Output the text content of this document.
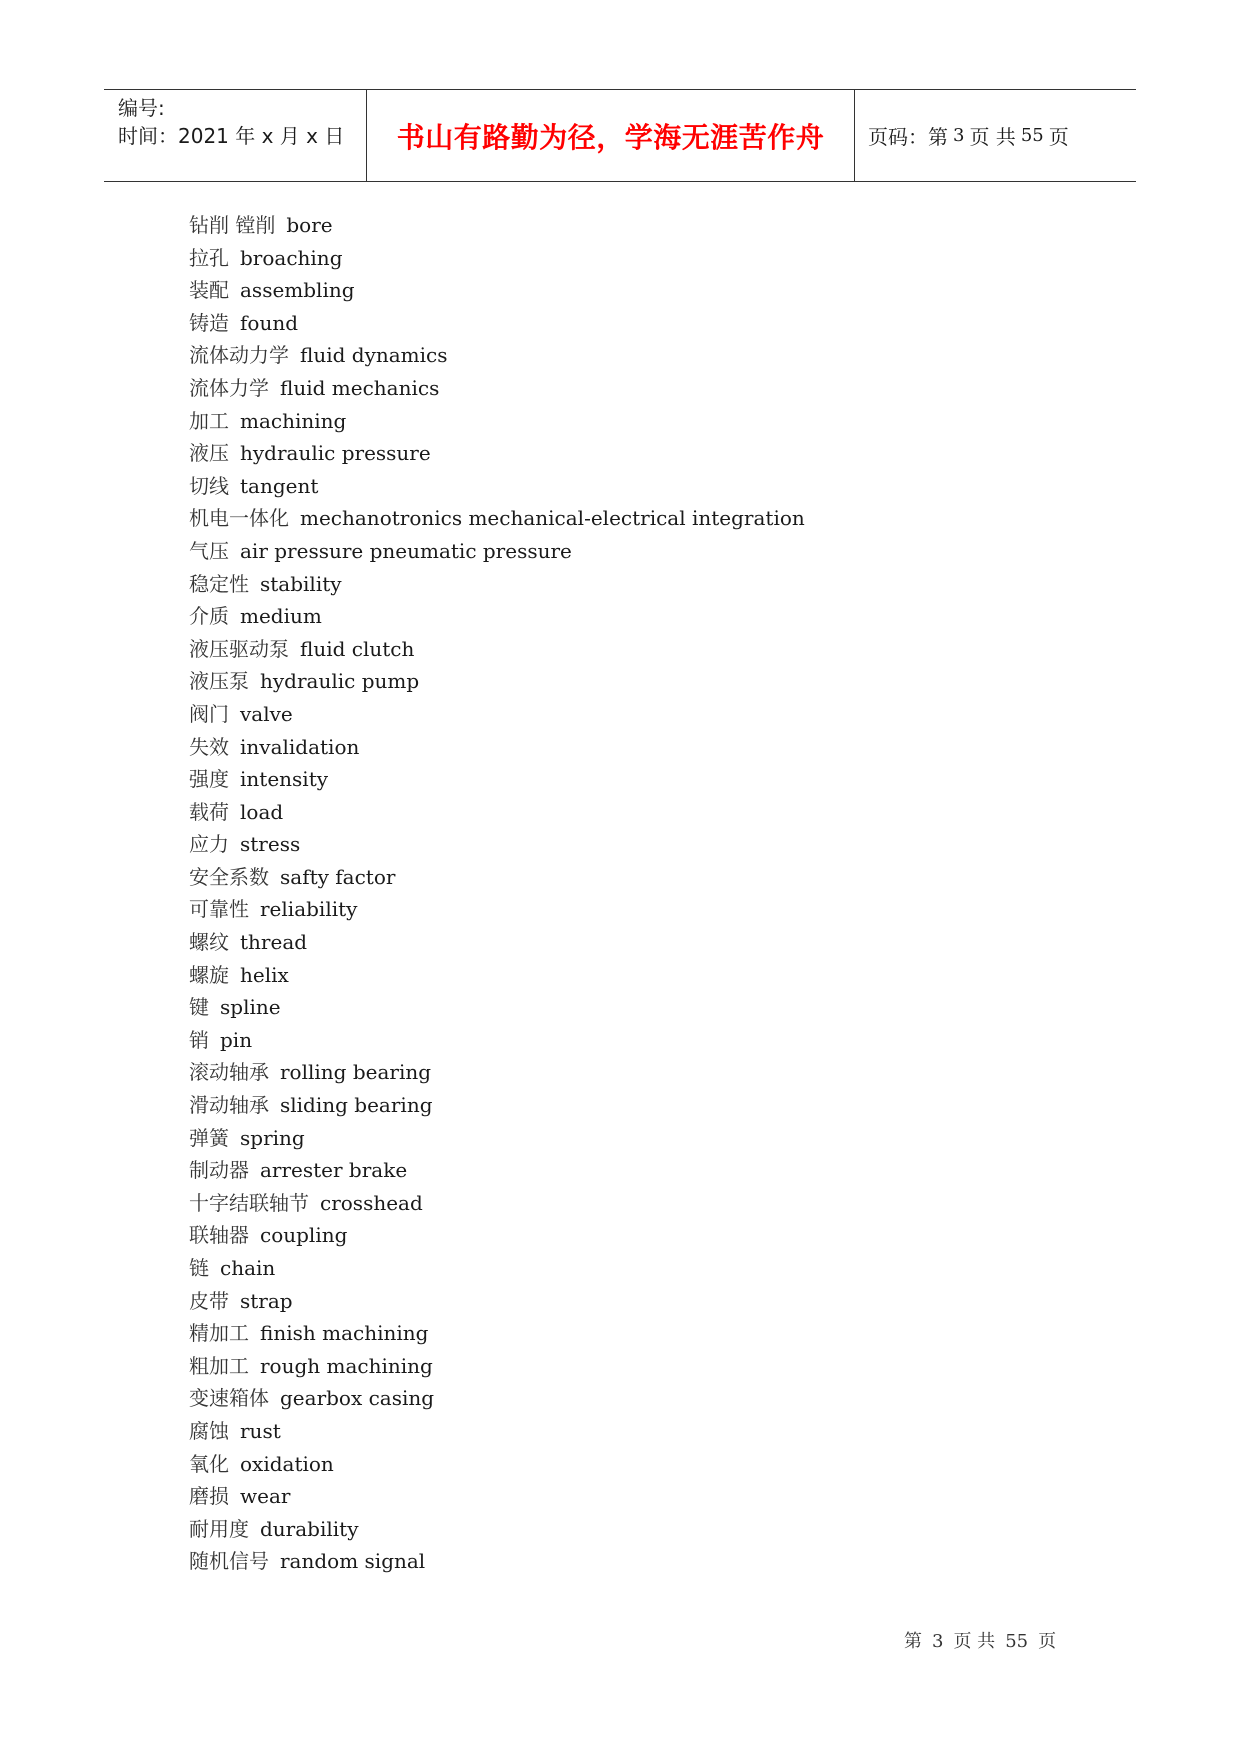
编号:
时间：2021 年 x 月 x 日	书山有路勤为径，学海无涯苦作舟	页码：第 3 页 共 55 页
钻削 镗削 bore
拉孔 broaching
装配 assembling
铸造 found
流体动力学 fluid dynamics
流体力学 fluid mechanics
加工 machining
液压 hydraulic pressure
切线 tangent
机电一体化 mechanotronics mechanical-electrical integration
气压 air pressure pneumatic pressure
稳定性 stability
介质 medium
液压驱动泵 fluid clutch
液压泵 hydraulic pump
阀门 valve
失效 invalidation
强度 intensity
载荷 load
应力 stress
安全系数 safty factor
可靠性 reliability
螺纹 thread
螺旋 helix
键 spline
销 pin
滚动轴承 rolling bearing
滑动轴承 sliding bearing
弹簧 spring
制动器 arrester brake
十字结联轴节 crosshead
联轴器 coupling
链 chain
皮带 strap
精加工 finish machining
粗加工 rough machining
变速箱体 gearbox casing
腐蚀 rust
氧化 oxidation
磨损 wear
耐用度 durability
随机信号 random signal
第 3 页 共 55 页
